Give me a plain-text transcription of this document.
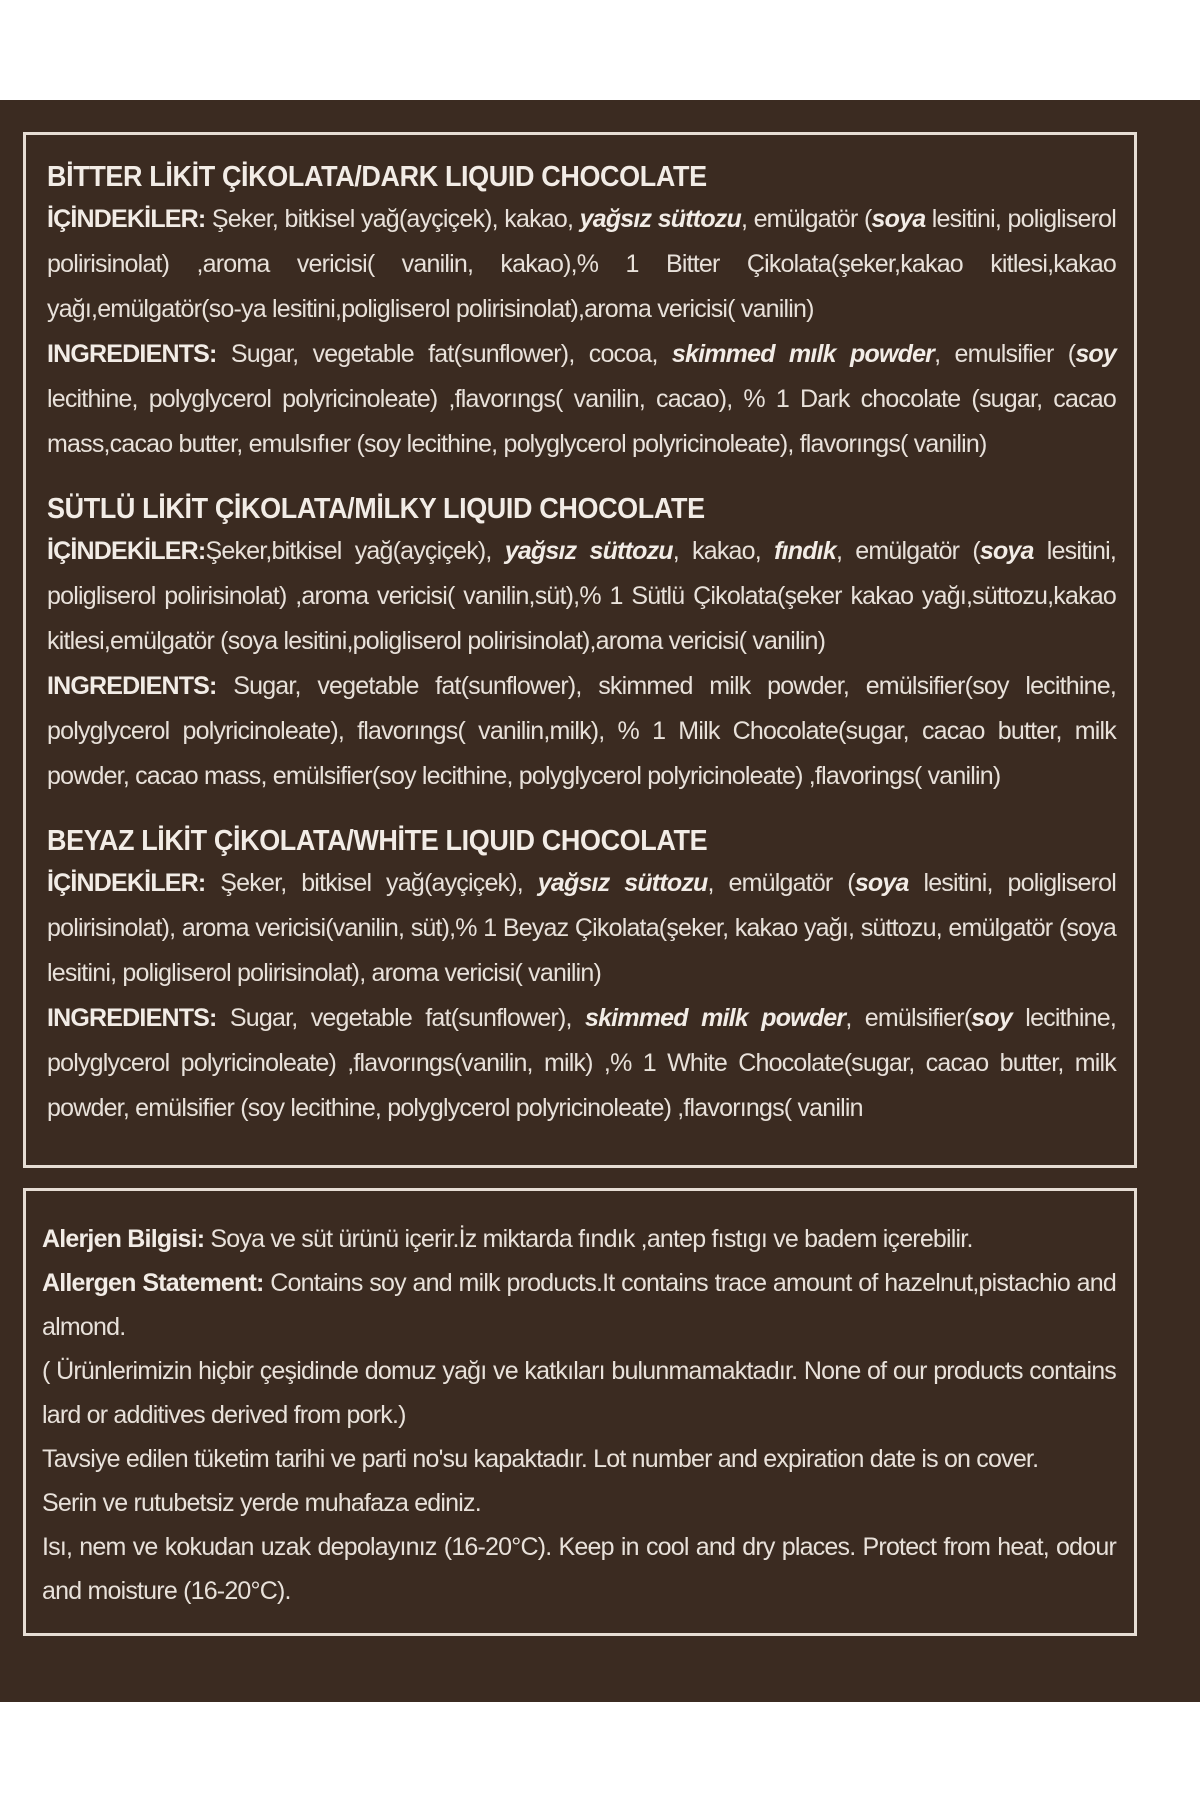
BİTTER LİKİT ÇİKOLATA/DARK LIQUID CHOCOLATE

İÇİNDEKİLER: Şeker, bitkisel yağ(ayçiçek), kakao, yağsız süttozu, emülgatör (soya lesitini, poligliserol polirisinolat) ,aroma vericisi( vanilin, kakao),% 1 Bitter Çikolata(şeker,kakao kitlesi,kakao yağı,emülgatör(so-ya lesitini,poligliserol polirisinolat),aroma vericisi( vanilin)

INGREDIENTS: Sugar, vegetable fat(sunflower), cocoa, skimmed mılk powder, emulsifier (soy lecithine, polyglycerol polyricinoleate) ,flavorıngs( vanilin, cacao), % 1 Dark chocolate (sugar, cacao mass,cacao butter, emulsıfıer (soy lecithine, polyglycerol polyricinoleate), flavorıngs( vanilin)

SÜTLÜ LİKİT ÇİKOLATA/MİLKY LIQUID CHOCOLATE

İÇİNDEKİLER:Şeker,bitkisel yağ(ayçiçek), yağsız süttozu, kakao, fındık, emülgatör (soya lesitini, poligliserol polirisinolat) ,aroma vericisi( vanilin,süt),% 1 Sütlü Çikolata(şeker kakao yağı,süttozu,kakao kitlesi,emülgatör (soya lesitini,poligliserol polirisinolat),aroma vericisi( vanilin)

INGREDIENTS: Sugar, vegetable fat(sunflower), skimmed milk powder, emülsifier(soy lecithine, polyglycerol polyricinoleate), flavorıngs( vanilin,milk), % 1 Milk Chocolate(sugar, cacao butter, milk powder, cacao mass, emülsifier(soy lecithine, polyglycerol polyricinoleate) ,flavorings( vanilin)

BEYAZ LİKİT ÇİKOLATA/WHİTE LIQUID CHOCOLATE

İÇİNDEKİLER: Şeker, bitkisel yağ(ayçiçek), yağsız süttozu, emülgatör (soya lesitini, poligliserol polirisinolat), aroma vericisi(vanilin, süt),% 1 Beyaz Çikolata(şeker, kakao yağı, süttozu, emülgatör (soya lesitini, poligliserol polirisinolat), aroma vericisi( vanilin)

INGREDIENTS: Sugar, vegetable fat(sunflower), skimmed milk powder, emülsifier(soy lecithine, polyglycerol polyricinoleate) ,flavorıngs(vanilin, milk) ,% 1 White Chocolate(sugar, cacao butter, milk powder, emülsifier (soy lecithine, polyglycerol polyricinoleate) ,flavorıngs( vanilin

Alerjen Bilgisi: Soya ve süt ürünü içerir.İz miktarda fındık ,antep fıstıgı ve badem içerebilir.

Allergen Statement: Contains soy and milk products.It contains trace amount of hazelnut,pistachio and almond.

( Ürünlerimizin hiçbir çeşidinde domuz yağı ve katkıları bulunmamaktadır. None of our products contains lard or additives derived from pork.)

Tavsiye edilen tüketim tarihi ve parti no'su kapaktadır. Lot number and expiration date is on cover.

Serin ve rutubetsiz yerde muhafaza ediniz.

Isı, nem ve kokudan uzak depolayınız (16-20°C). Keep in cool and dry places. Protect from heat, odour and moisture (16-20°C).
